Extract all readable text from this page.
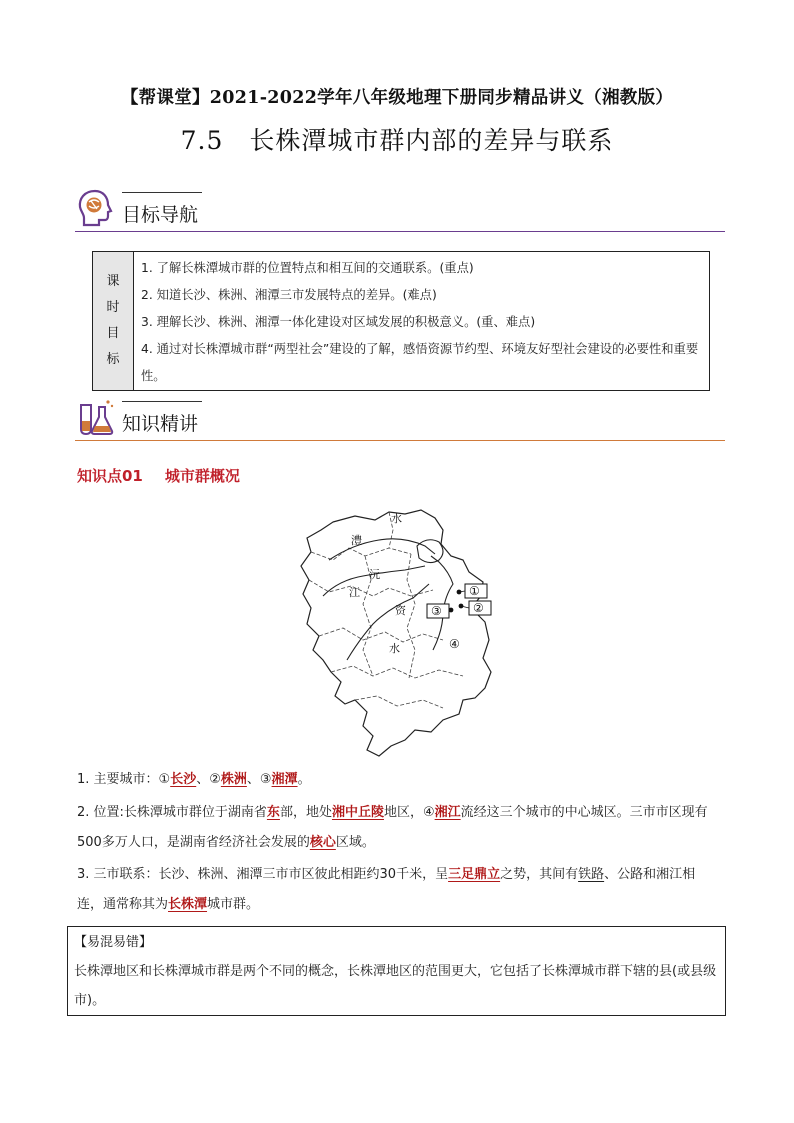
【帮课堂】2021-2022学年八年级地理下册同步精品讲义（湘教版）
7.5 长株潭城市群内部的差异与联系
目标导航
课
时
目
标
1. 了解长株潭城市群的位置特点和相互间的交通联系。(重点)
2. 知道长沙、株洲、湘潭三市发展特点的差异。(难点)
3. 理解长沙、株洲、湘潭一体化建设对区域发展的积极意义。(重、难点)
4. 通过对长株潭城市群“两型社会”建设的了解，感悟资源节约型、环境友好型社会建设的必要性和重要性。
知识精讲
知识点01 城市群概况
水
澧
沅
江
资
水
①
②
③
④
1. 主要城市：①长沙、②株洲、③湘潭。
2. 位置:长株潭城市群位于湖南省东部，地处湘中丘陵地区，④湘江流经这三个城市的中心城区。三市市区现有500多万人口，是湖南省经济社会发展的核心区域。
3. 三市联系：长沙、株洲、湘潭三市市区彼此相距约30千米，呈三足鼎立之势，其间有铁路、公路和湘江相连，通常称其为长株潭城市群。
【易混易错】
长株潭地区和长株潭城市群是两个不同的概念，长株潭地区的范围更大，它包括了长株潭城市群下辖的县(或县级市)。
